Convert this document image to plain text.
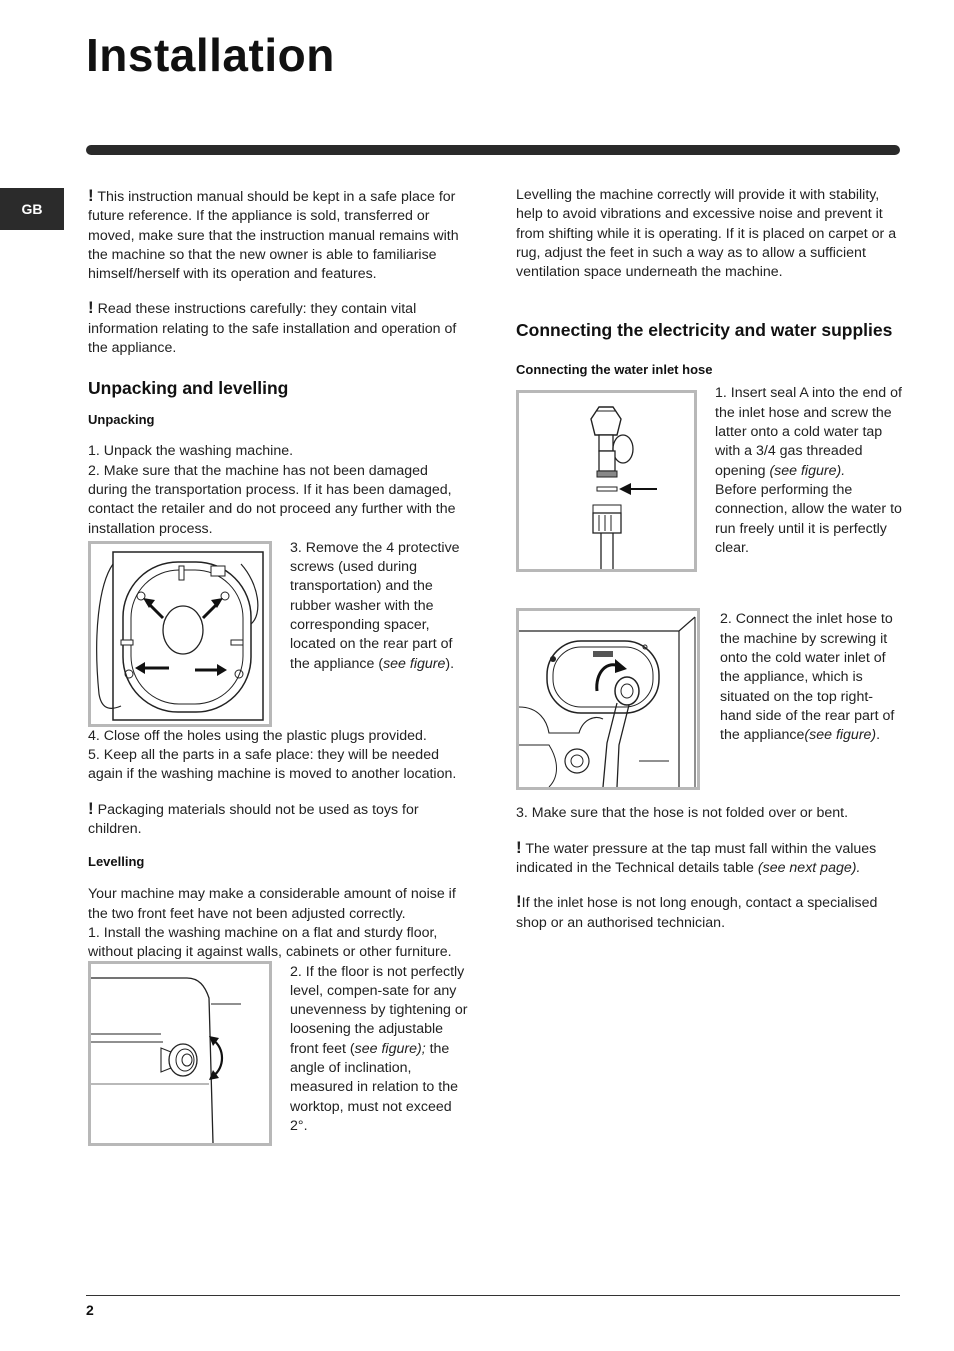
Installation
GB

! This instruction manual should be kept in a safe place for future reference. If the appliance is sold, transferred or moved, make sure that the instruction manual remains with the machine so that the new owner is able to familiarise himself/herself with its operation and features.

! Read these instructions carefully: they contain vital information relating to the safe installation and operation of the appliance.

Unpacking and levelling
Unpacking

1. Unpack the washing machine.

2. Make sure that the machine has not been damaged during the transportation process. If it has been damaged, contact the retailer and do not proceed any further with the installation process.

3. Remove the 4 protective screws (used during transportation) and the rubber washer with the corresponding spacer, located on the rear part of the appliance (see figure).

4. Close off the holes using the plastic plugs provided.

5. Keep all the parts in a safe place: they will be needed again if the washing machine is moved to another location.

! Packaging materials should not be used as toys for children.

Levelling

Your machine may make a considerable amount of noise if the two front feet have not been adjusted correctly.

1. Install the washing machine on a flat and sturdy floor, without placing it against walls, cabinets or other furniture.

2. If the floor is not perfectly level, compen-sate for any unevenness by tightening or loosening the adjustable front feet (see figure); the angle of inclination, measured in relation to the worktop, must not exceed 2°.

Levelling the machine correctly will provide it with stability, help to avoid vibrations and excessive noise and prevent it from shifting while it is operating. If it is placed on carpet or a rug, adjust the feet in such a way as to allow a sufficient ventilation space underneath the machine.

Connecting the electricity and water supplies
Connecting the water inlet hose

1. Insert seal A into the end of the inlet hose and screw the latter onto a cold water tap with a 3/4 gas threaded opening (see figure).

Before performing the connection, allow the water to run freely until it is perfectly clear.

2. Connect the inlet hose to the machine by screwing it onto the cold water inlet of the appliance, which is situated on the top right-hand side of the rear part of the appliance(see figure).

3. Make sure that the hose is not folded over or bent.

! The water pressure at the tap must fall within the values indicated in the Technical details table (see next page).

!If the inlet hose is not long enough, contact a specialised shop or an authorised technician.

2
